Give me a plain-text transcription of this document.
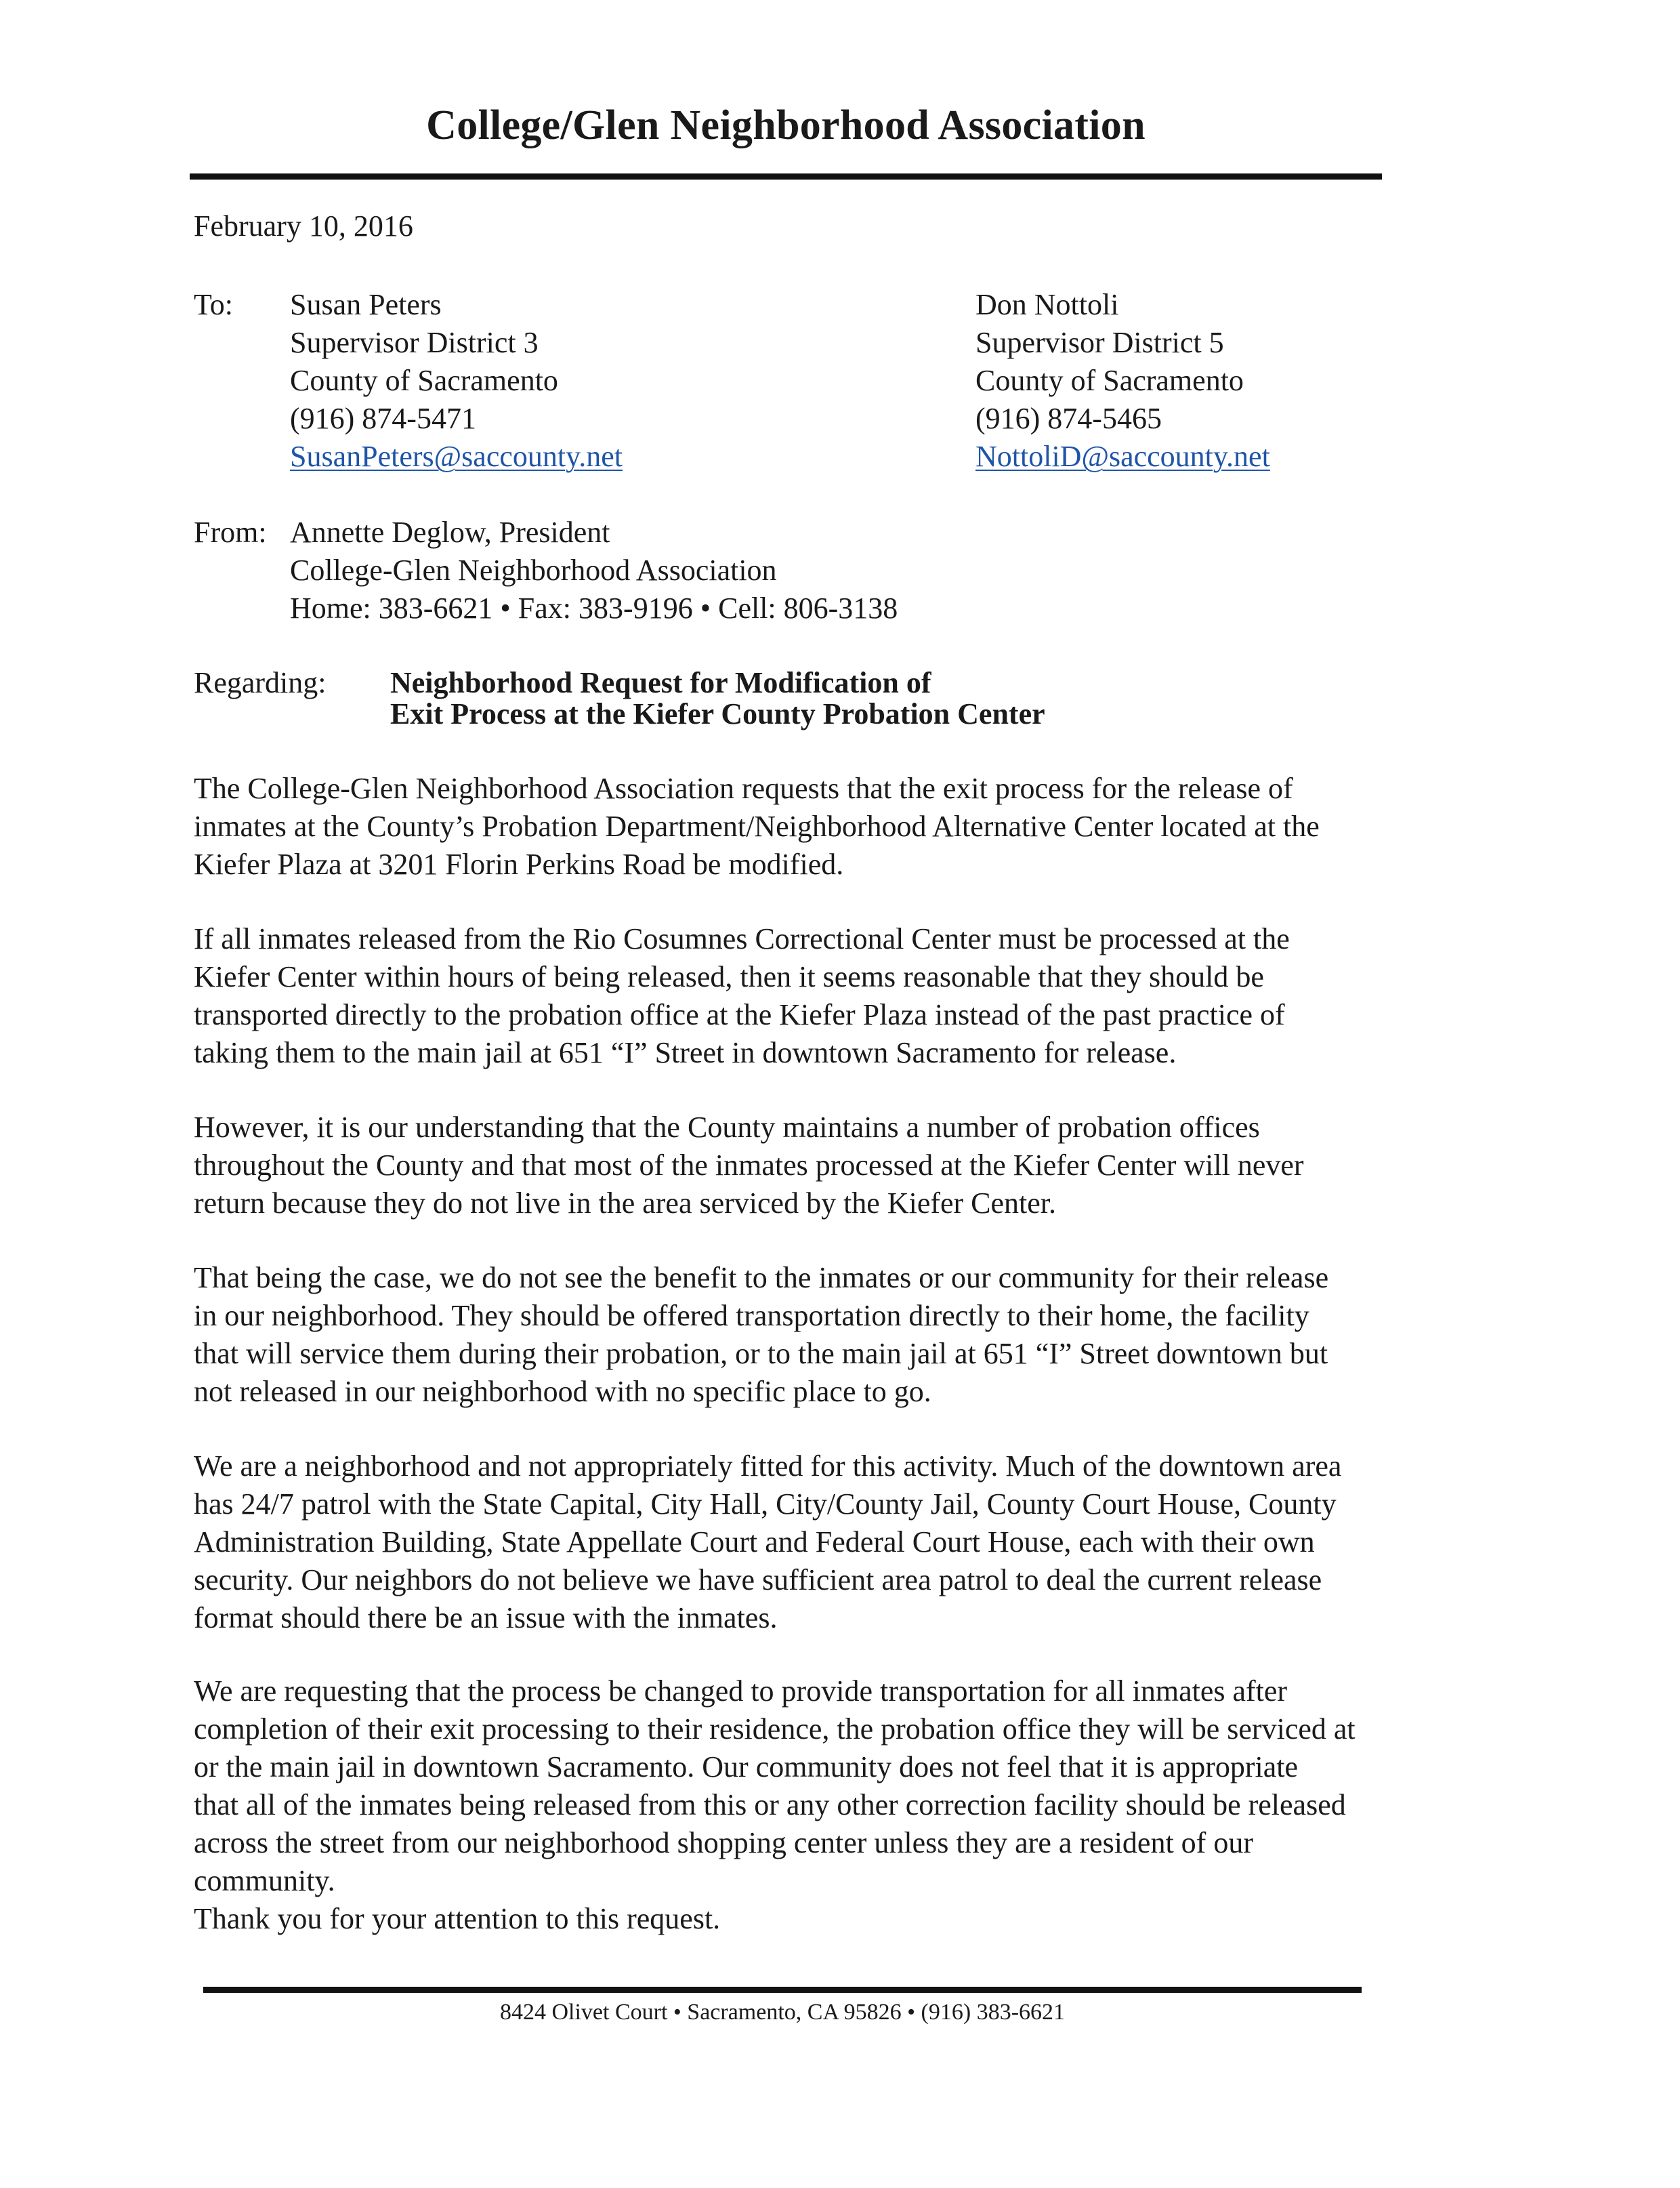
College/Glen Neighborhood Association
February 10, 2016
To: Susan Peters
Supervisor District 3
County of Sacramento
(916) 874-5471
SusanPeters@saccounty.net
Don Nottoli
Supervisor District 5
County of Sacramento
(916) 874-5465
NottoliD@saccounty.net
From: Annette Deglow, President
College-Glen Neighborhood Association
Home: 383-6621 • Fax: 383-9196 • Cell: 806-3138
Regarding: Neighborhood Request for Modification of
Exit Process at the Kiefer County Probation Center
The College-Glen Neighborhood Association requests that the exit process for the release of
inmates at the County’s Probation Department/Neighborhood Alternative Center located at the
Kiefer Plaza at 3201 Florin Perkins Road be modified.
If all inmates released from the Rio Cosumnes Correctional Center must be processed at the
Kiefer Center within hours of being released, then it seems reasonable that they should be
transported directly to the probation office at the Kiefer Plaza instead of the past practice of
taking them to the main jail at 651 “I” Street in downtown Sacramento for release.
However, it is our understanding that the County maintains a number of probation offices
throughout the County and that most of the inmates processed at the Kiefer Center will never
return because they do not live in the area serviced by the Kiefer Center.
That being the case, we do not see the benefit to the inmates or our community for their release
in our neighborhood. They should be offered transportation directly to their home, the facility
that will service them during their probation, or to the main jail at 651 “I” Street downtown but
not released in our neighborhood with no specific place to go.
We are a neighborhood and not appropriately fitted for this activity. Much of the downtown area
has 24/7 patrol with the State Capital, City Hall, City/County Jail, County Court House, County
Administration Building, State Appellate Court and Federal Court House, each with their own
security. Our neighbors do not believe we have sufficient area patrol to deal the current release
format should there be an issue with the inmates.
We are requesting that the process be changed to provide transportation for all inmates after
completion of their exit processing to their residence, the probation office they will be serviced at
or the main jail in downtown Sacramento. Our community does not feel that it is appropriate
that all of the inmates being released from this or any other correction facility should be released
across the street from our neighborhood shopping center unless they are a resident of our
community.
Thank you for your attention to this request.
8424 Olivet Court • Sacramento, CA 95826 • (916) 383-6621
